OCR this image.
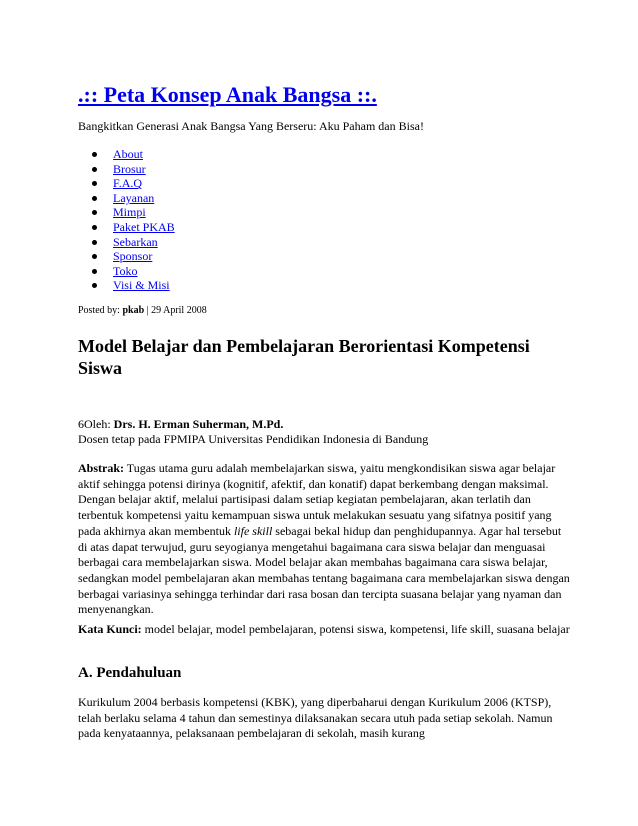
.:: Peta Konsep Anak Bangsa ::.
Bangkitkan Generasi Anak Bangsa Yang Berseru: Aku Paham dan Bisa!
About
Brosur
F.A.Q
Layanan
Mimpi
Paket PKAB
Sebarkan
Sponsor
Toko
Visi & Misi
Posted by: pkab | 29 April 2008
Model Belajar dan Pembelajaran Berorientasi Kompetensi Siswa
6Oleh: Drs. H. Erman Suherman, M.Pd.
Dosen tetap pada FPMIPA Universitas Pendidikan Indonesia di Bandung

Abstrak: Tugas utama guru adalah membelajarkan siswa, yaitu mengkondisikan siswa agar belajar aktif sehingga potensi dirinya (kognitif, afektif, dan konatif) dapat berkembang dengan maksimal. Dengan belajar aktif, melalui partisipasi dalam setiap kegiatan pembelajaran, akan terlatih dan terbentuk kompetensi yaitu kemampuan siswa untuk melakukan sesuatu yang sifatnya positif yang pada akhirnya akan membentuk life skill sebagai bekal hidup dan penghidupannya. Agar hal tersebut di atas dapat terwujud, guru seyogianya mengetahui bagaimana cara siswa belajar dan menguasai berbagai cara membelajarkan siswa. Model belajar akan membahas bagaimana cara siswa belajar, sedangkan model pembelajaran akan membahas tentang bagaimana cara membelajarkan siswa dengan berbagai variasinya sehingga terhindar dari rasa bosan dan tercipta suasana belajar yang nyaman dan menyenangkan.

Kata Kunci: model belajar, model pembelajaran, potensi siswa, kompetensi, life skill, suasana belajar

A. Pendahuluan

Kurikulum 2004 berbasis kompetensi (KBK), yang diperbaharui dengan Kurikulum 2006 (KTSP), telah berlaku selama 4 tahun dan semestinya dilaksanakan secara utuh pada setiap sekolah. Namun pada kenyataannya, pelaksanaan pembelajaran di sekolah, masih kurang
